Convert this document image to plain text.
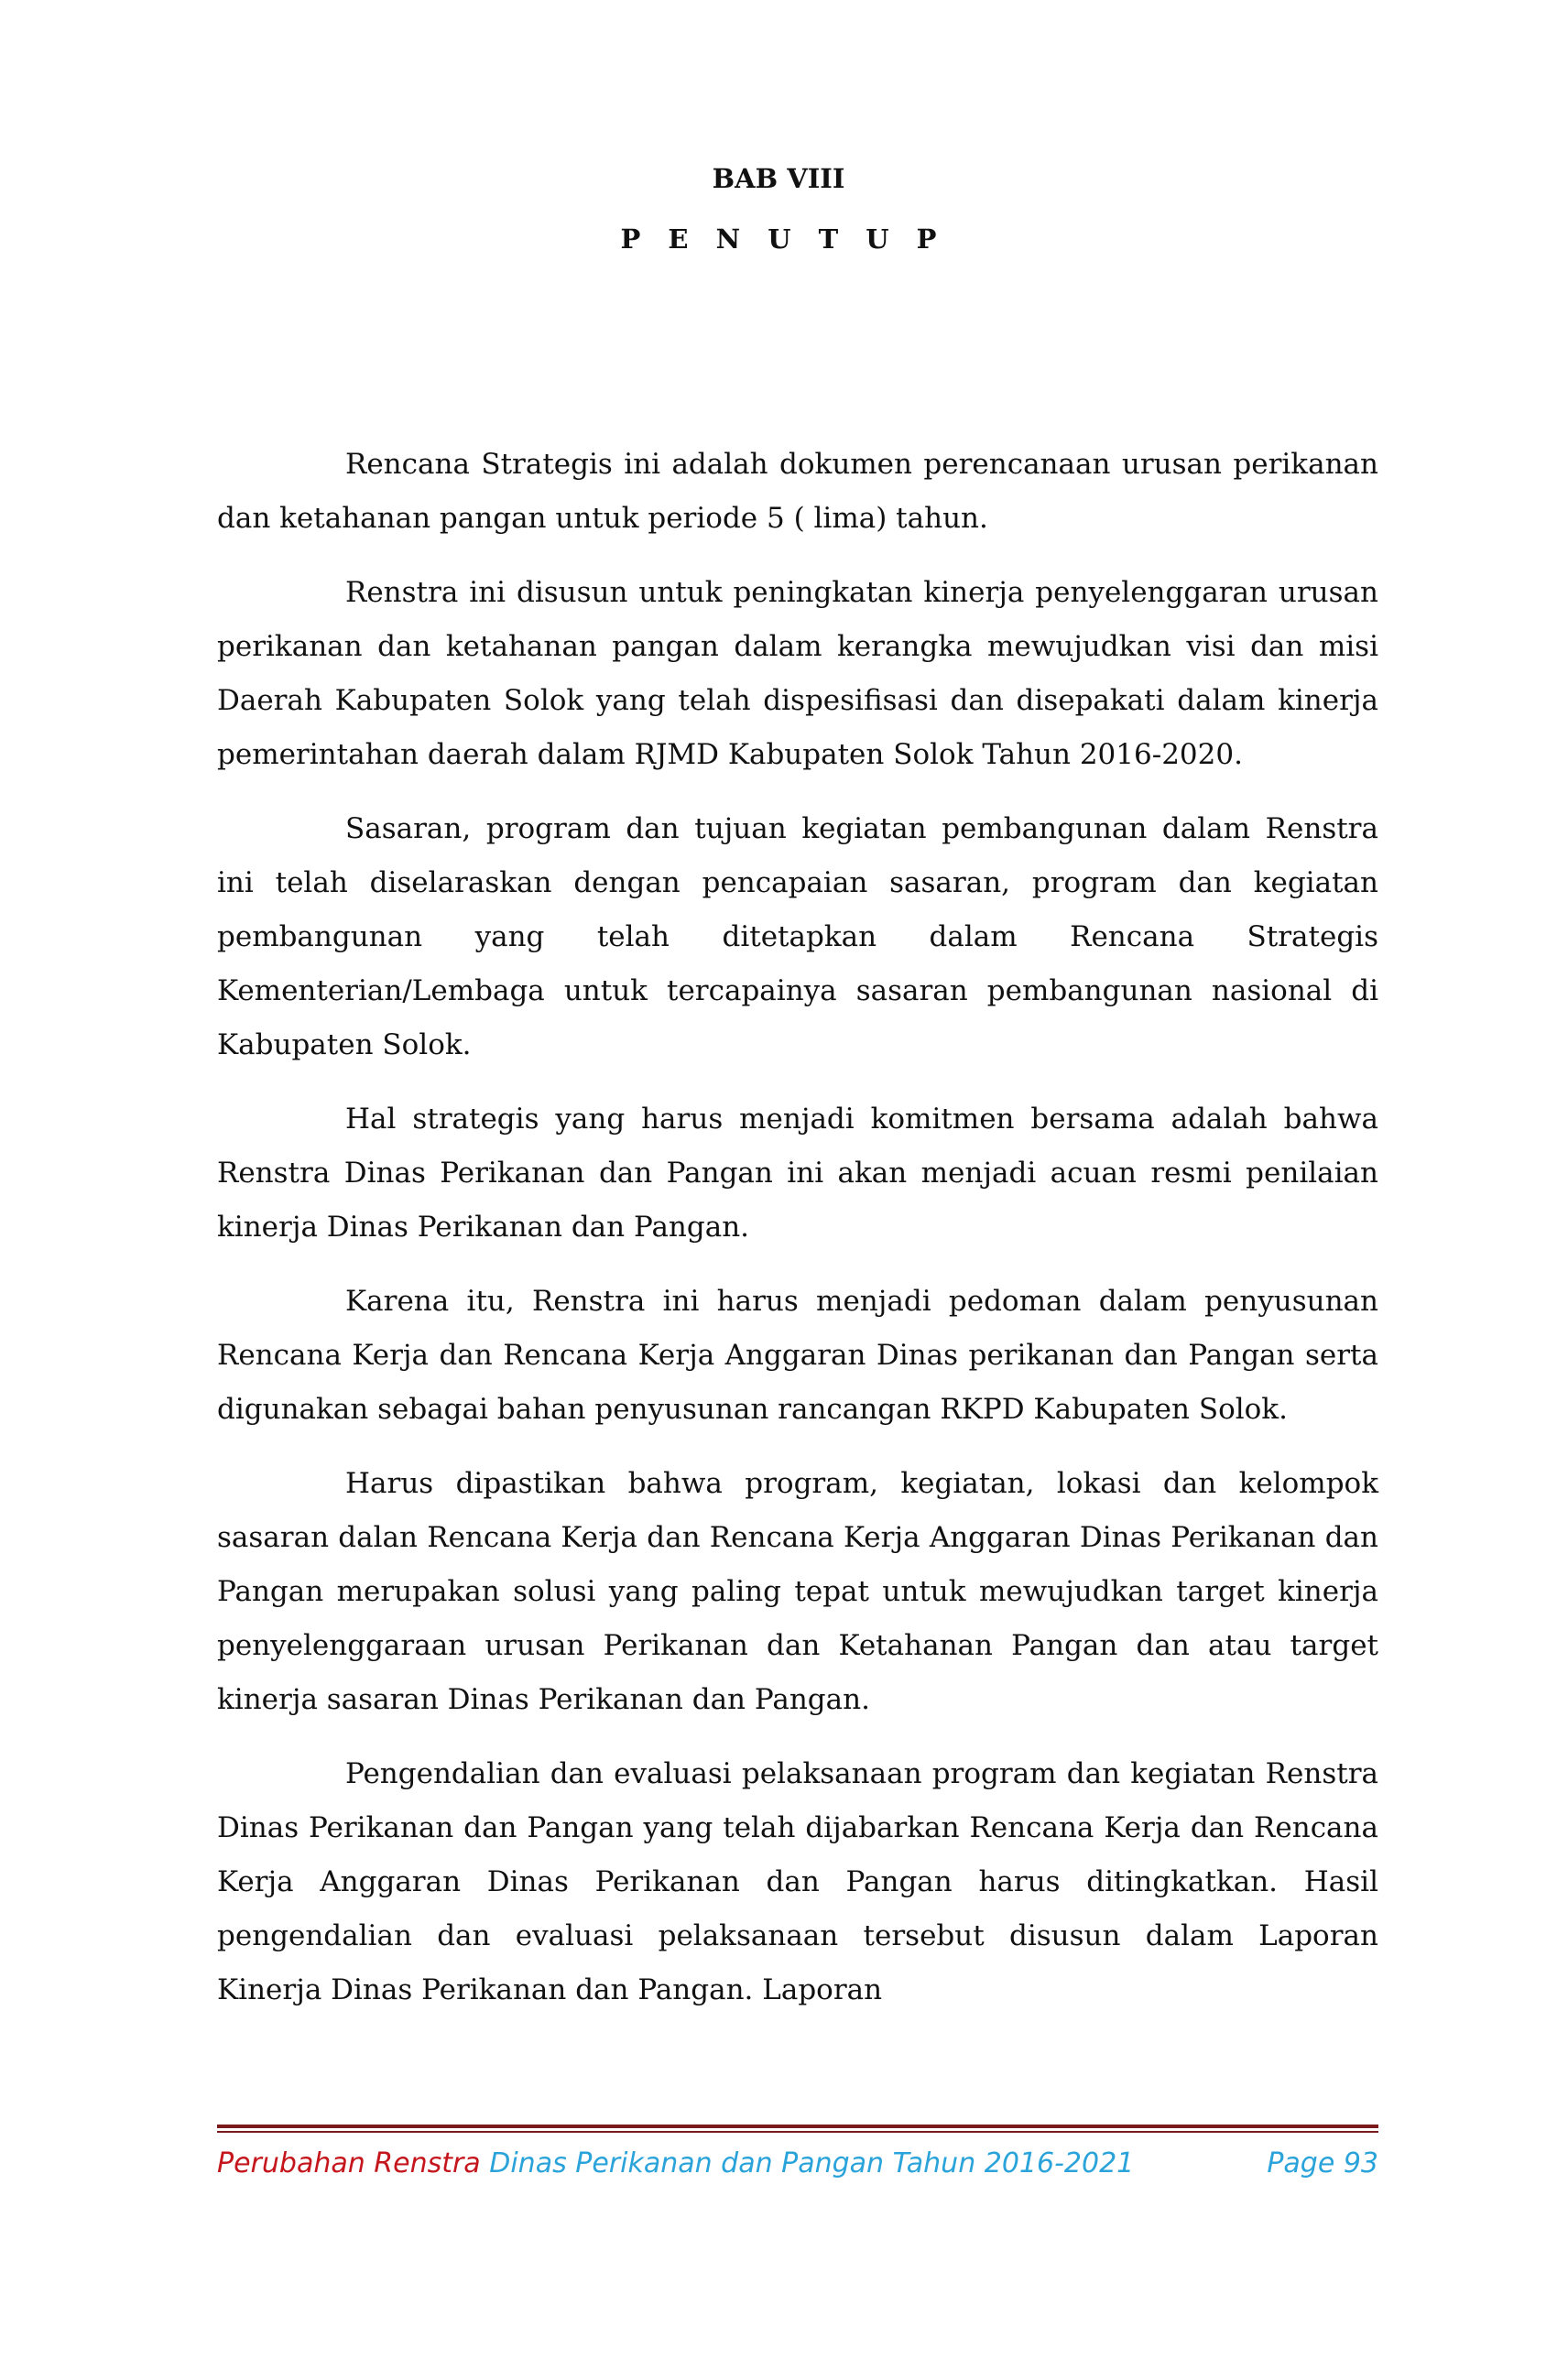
BAB VIII
P E N U T U P

Rencana Strategis ini adalah dokumen perencanaan urusan perikanan dan ketahanan pangan untuk periode 5 ( lima) tahun.

Renstra ini disusun untuk peningkatan kinerja penyelenggaran urusan perikanan dan ketahanan pangan dalam kerangka mewujudkan visi dan misi Daerah Kabupaten Solok yang telah dispesifisasi dan disepakati dalam kinerja pemerintahan daerah dalam RJMD Kabupaten Solok Tahun 2016-2020.

Sasaran, program dan tujuan kegiatan pembangunan dalam Renstra ini telah diselaraskan dengan pencapaian sasaran, program dan kegiatan pembangunan yang telah ditetapkan dalam Rencana Strategis Kementerian/Lembaga untuk tercapainya sasaran pembangunan nasional di Kabupaten Solok.

Hal strategis yang harus menjadi komitmen bersama adalah bahwa Renstra Dinas Perikanan dan Pangan ini akan menjadi acuan resmi penilaian kinerja Dinas Perikanan dan Pangan.

Karena itu, Renstra ini harus menjadi pedoman dalam penyusunan Rencana Kerja dan Rencana Kerja Anggaran Dinas perikanan dan Pangan serta digunakan sebagai bahan penyusunan rancangan RKPD Kabupaten Solok.

Harus dipastikan bahwa program, kegiatan, lokasi dan kelompok sasaran dalan Rencana Kerja dan Rencana Kerja Anggaran Dinas Perikanan dan Pangan merupakan solusi yang paling tepat untuk mewujudkan target kinerja penyelenggaraan urusan Perikanan dan Ketahanan Pangan dan atau target kinerja sasaran Dinas Perikanan dan Pangan.

Pengendalian dan evaluasi pelaksanaan program dan kegiatan Renstra Dinas Perikanan dan Pangan yang telah dijabarkan Rencana Kerja dan Rencana Kerja Anggaran Dinas Perikanan dan Pangan harus ditingkatkan. Hasil pengendalian dan evaluasi pelaksanaan tersebut disusun dalam Laporan Kinerja Dinas Perikanan dan Pangan. Laporan

Perubahan Renstra Dinas Perikanan dan Pangan Tahun 2016-2021	Page 93
